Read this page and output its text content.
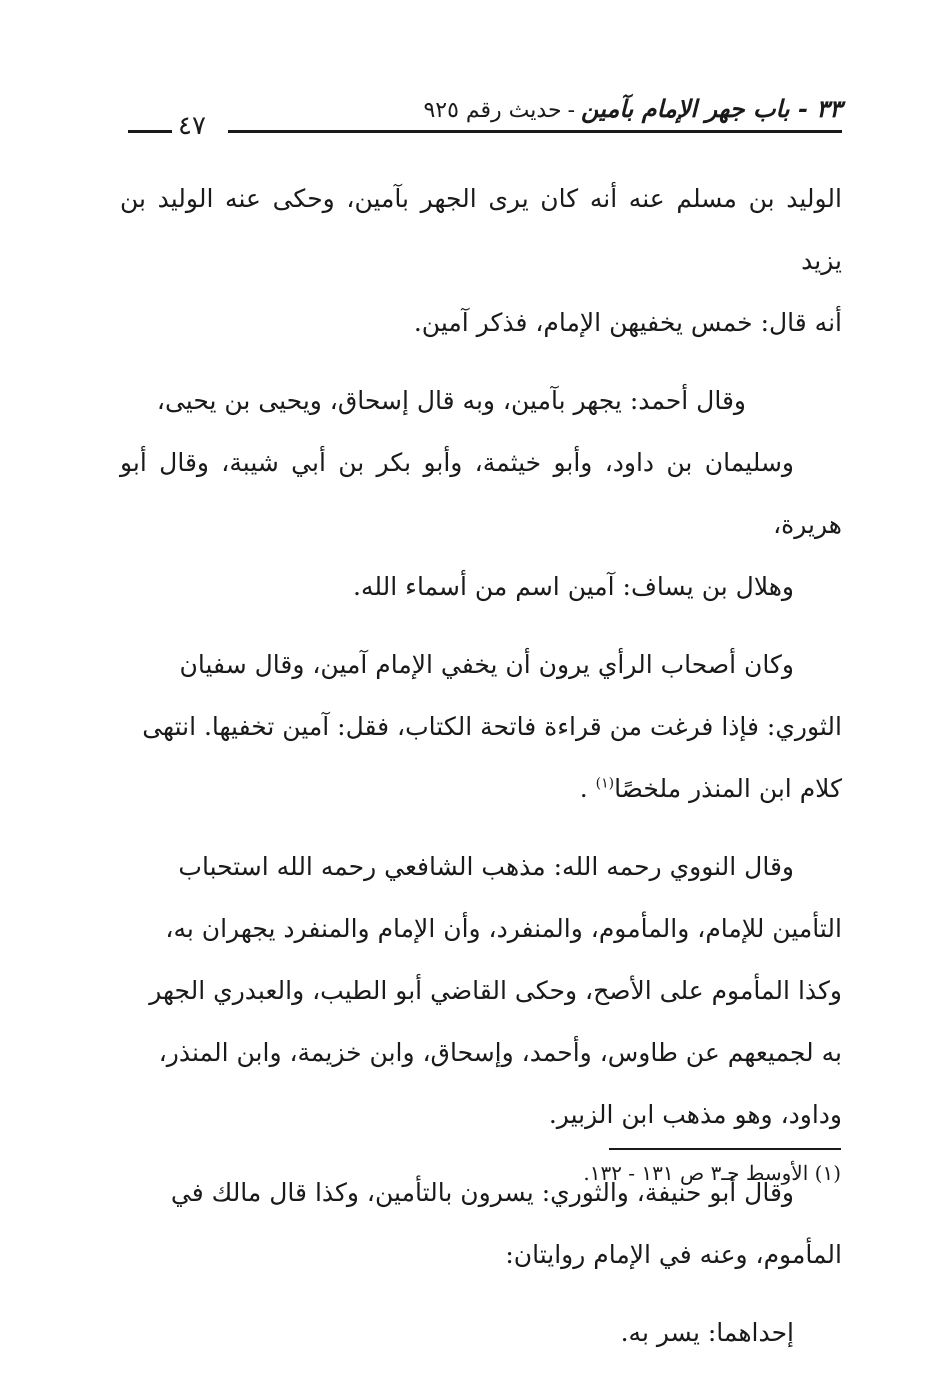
٤٧
٣٣ - باب جهر الإمام بآمين-حديث رقم ٩٢٥

الوليد بن مسلم عنه أنه كان يرى الجهر بآمين، وحكى عنه الوليد بن يزيد
أنه قال: خمس يخفيهن الإمام، فذكر آمين.

وقال أحمد: يجهر بآمين، وبه قال إسحاق، ويحيى بن يحيى،
وسليمان بن داود، وأبو خيثمة، وأبو بكر بن أبي شيبة، وقال أبو هريرة،
وهلال بن يساف: آمين اسم من أسماء الله.

وكان أصحاب الرأي يرون أن يخفي الإمام آمين، وقال سفيان
الثوري: فإذا فرغت من قراءة فاتحة الكتاب، فقل: آمين تخفيها. انتهى
كلام ابن المنذر ملخصًا$^{(١)}$ .

وقال النووي رحمه الله: مذهب الشافعي رحمه الله استحباب
التأمين للإمام، والمأموم، والمنفرد، وأن الإمام والمنفرد يجهران به،
وكذا المأموم على الأصح، وحكى القاضي أبو الطيب، والعبدري الجهر
به لجميعهم عن طاوس، وأحمد، وإسحاق، وابن خزيمة، وابن المنذر،
وداود، وهو مذهب ابن الزبير.

وقال أبو حنيفة، والثوري: يسرون بالتأمين، وكذا قال مالك في
المأموم، وعنه في الإمام روايتان:

إحداهما: يسر به.

(١) الأوسط جـ٣ ص ١٣١ - ١٣٢.
